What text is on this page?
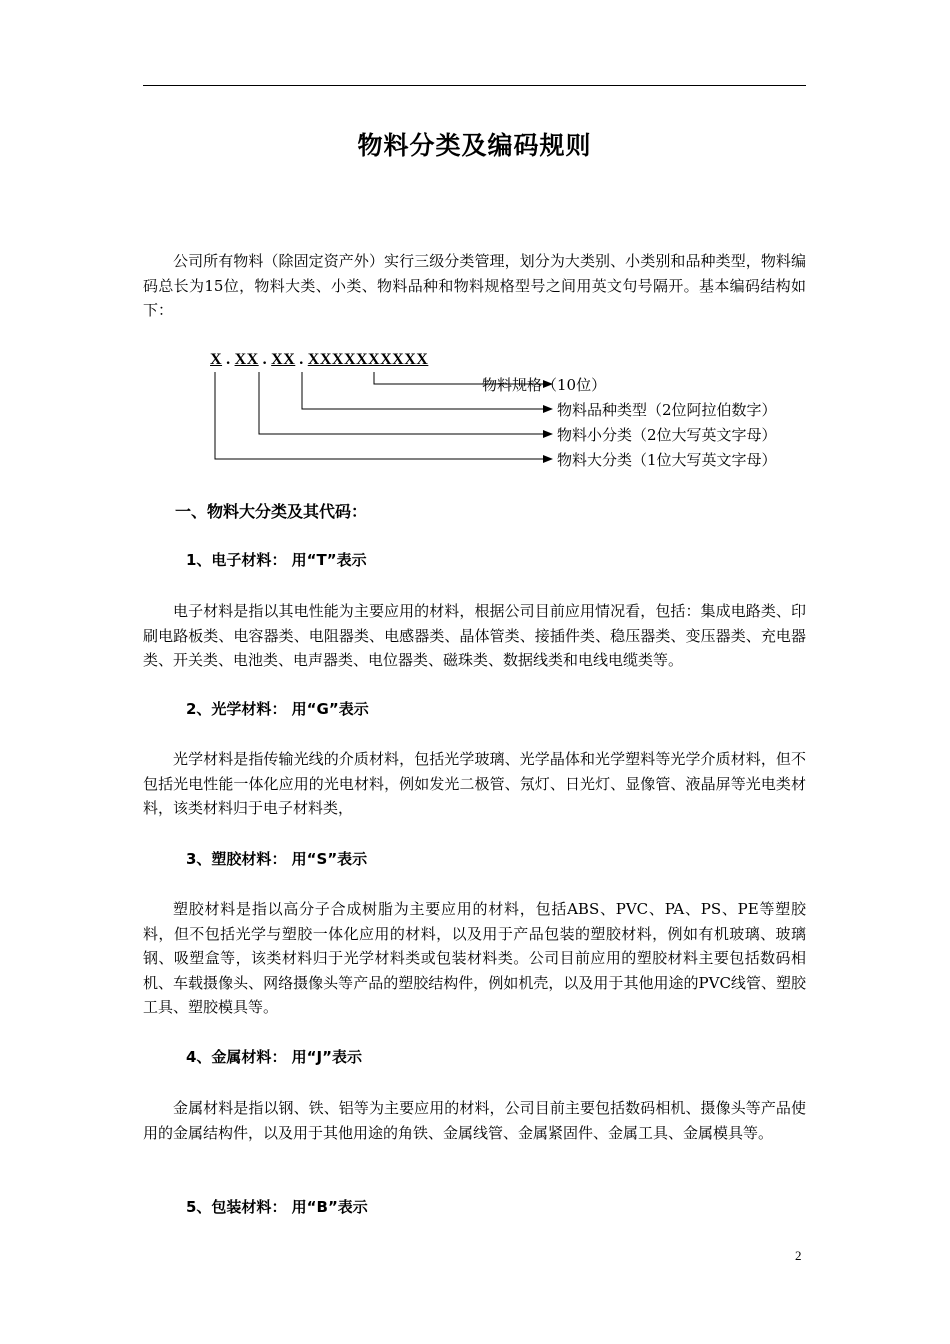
物料分类及编码规则

公司所有物料（除固定资产外）实行三级分类管理，划分为大类别、小类别和品种类型，物料编码总长为15位，物料大类、小类、物料品种和物料规格型号之间用英文句号隔开。基本编码结构如下：

X . XX . XX . XXXXXXXXXX
物料规格（10位）
物料品种类型（2位阿拉伯数字）
物料小分类（2位大写英文字母）
物料大分类（1位大写英文字母）
一、物料大分类及其代码：
1、电子材料： 用“T”表示

电子材料是指以其电性能为主要应用的材料，根据公司目前应用情况看，包括：集成电路类、印刷电路板类、电容器类、电阻器类、电感器类、晶体管类、接插件类、稳压器类、变压器类、充电器类、开关类、电池类、电声器类、电位器类、磁珠类、数据线类和电线电缆类等。

2、光学材料： 用“G”表示

光学材料是指传输光线的介质材料，包括光学玻璃、光学晶体和光学塑料等光学介质材料，但不包括光电性能一体化应用的光电材料，例如发光二极管、氖灯、日光灯、显像管、液晶屏等光电类材料，该类材料归于电子材料类，

3、塑胶材料： 用“S”表示

塑胶材料是指以高分子合成树脂为主要应用的材料，包括ABS、PVC、PA、PS、PE等塑胶料，但不包括光学与塑胶一体化应用的材料，以及用于产品包装的塑胶材料，例如有机玻璃、玻璃钢、吸塑盒等，该类材料归于光学材料类或包装材料类。公司目前应用的塑胶材料主要包括数码相机、车载摄像头、网络摄像头等产品的塑胶结构件，例如机壳，以及用于其他用途的PVC线管、塑胶工具、塑胶模具等。

4、金属材料： 用“J”表示

金属材料是指以钢、铁、铝等为主要应用的材料，公司目前主要包括数码相机、摄像头等产品使用的金属结构件，以及用于其他用途的角铁、金属线管、金属紧固件、金属工具、金属模具等。

5、包装材料： 用“B”表示
2
